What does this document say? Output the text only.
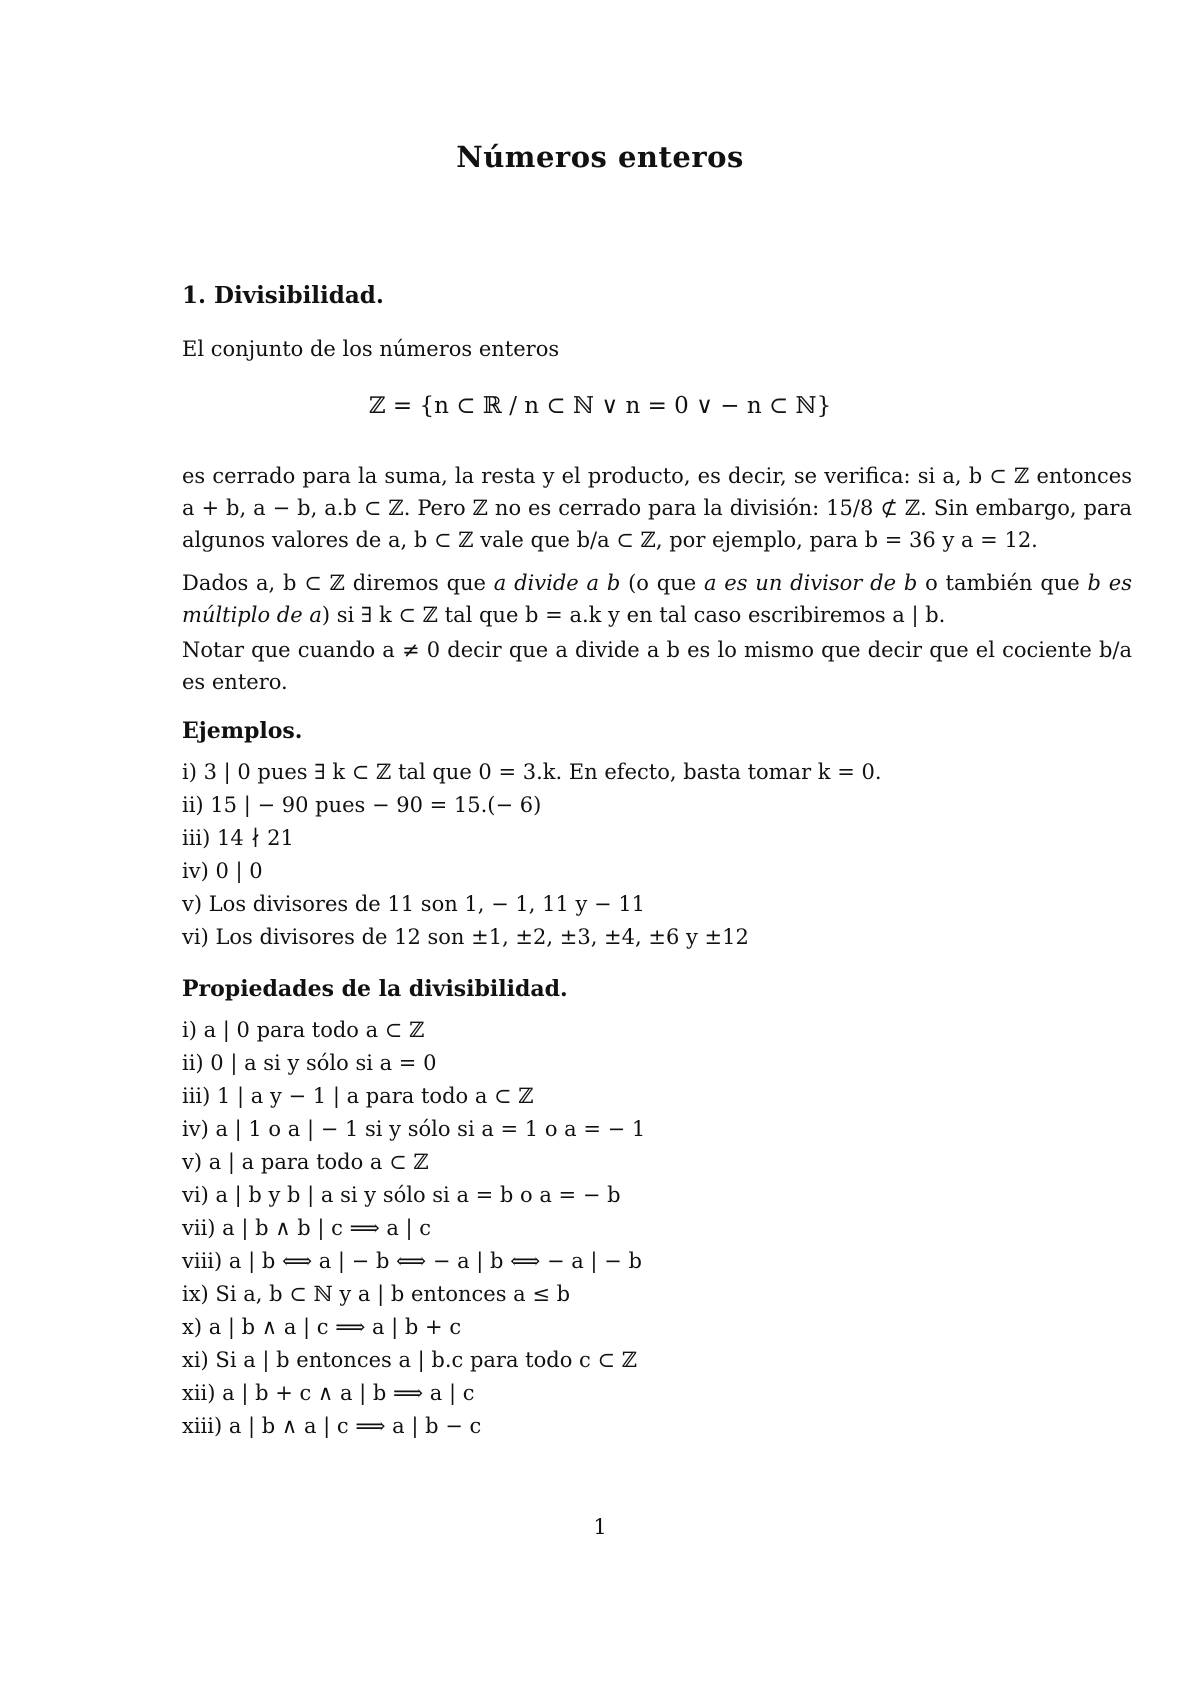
Números enteros
1. Divisibilidad.
El conjunto de los números enteros
ℤ = {n ⊂ ℝ / n ⊂ ℕ ∨ n = 0 ∨ − n ⊂ ℕ}
es cerrado para la suma, la resta y el producto, es decir, se verifica: si a, b ⊂ ℤ entonces a + b, a − b, a.b ⊂ ℤ. Pero ℤ no es cerrado para la división: 15/8 ⊄ ℤ. Sin embargo, para algunos valores de a, b ⊂ ℤ vale que b/a ⊂ ℤ, por ejemplo, para b = 36 y a = 12.
Dados a, b ⊂ ℤ diremos que a divide a b (o que a es un divisor de b o también que b es múltiplo de a) si ∃ k ⊂ ℤ tal que b = a.k y en tal caso escribiremos a | b.
Notar que cuando a ≠ 0 decir que a divide a b es lo mismo que decir que el cociente b/a es entero.
Ejemplos.
i) 3 | 0 pues ∃ k ⊂ ℤ tal que 0 = 3.k. En efecto, basta tomar k = 0.
ii) 15 | − 90 pues − 90 = 15.(− 6)
iii) 14 ∤ 21
iv) 0 | 0
v) Los divisores de 11 son 1, − 1, 11 y − 11
vi) Los divisores de 12 son ±1, ±2, ±3, ±4, ±6 y ±12
Propiedades de la divisibilidad.
i) a | 0 para todo a ⊂ ℤ
ii) 0 | a si y sólo si a = 0
iii) 1 | a y − 1 | a para todo a ⊂ ℤ
iv) a | 1 o a | − 1 si y sólo si a = 1 o a = − 1
v) a | a para todo a ⊂ ℤ
vi) a | b y b | a si y sólo si a = b o a = − b
vii) a | b ∧ b | c ⟹ a | c
viii) a | b ⟺ a | − b ⟺ − a | b ⟺ − a | − b
ix) Si a, b ⊂ ℕ y a | b entonces a ≤ b
x) a | b ∧ a | c ⟹ a | b + c
xi) Si a | b entonces a | b.c para todo c ⊂ ℤ
xii) a | b + c ∧ a | b ⟹ a | c
xiii) a | b ∧ a | c ⟹ a | b − c
1
